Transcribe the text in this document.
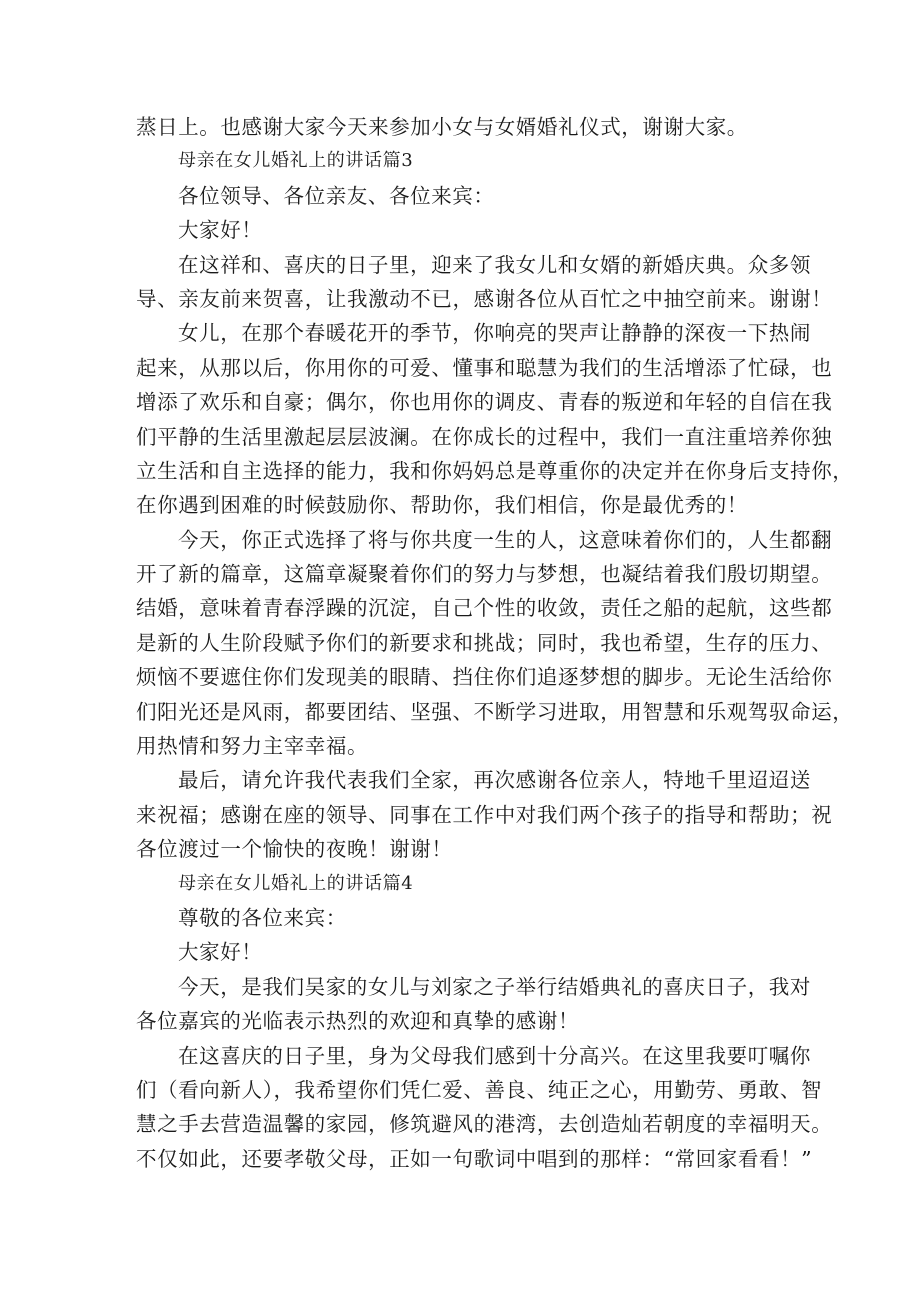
蒸日上。也感谢大家今天来参加小女与女婿婚礼仪式，谢谢大家。
母亲在女儿婚礼上的讲话篇3
各位领导、各位亲友、各位来宾：
大家好！
在这祥和、喜庆的日子里，迎来了我女儿和女婿的新婚庆典。众多领
导、亲友前来贺喜，让我激动不已，感谢各位从百忙之中抽空前来。谢谢！
女儿，在那个春暖花开的季节，你响亮的哭声让静静的深夜一下热闹
起来，从那以后，你用你的可爱、懂事和聪慧为我们的生活增添了忙碌，也
增添了欢乐和自豪；偶尔，你也用你的调皮、青春的叛逆和年轻的自信在我
们平静的生活里激起层层波澜。在你成长的过程中，我们一直注重培养你独
立生活和自主选择的能力，我和你妈妈总是尊重你的决定并在你身后支持你，
在你遇到困难的时候鼓励你、帮助你，我们相信，你是最优秀的！
今天，你正式选择了将与你共度一生的人，这意味着你们的，人生都翻
开了新的篇章，这篇章凝聚着你们的努力与梦想，也凝结着我们殷切期望。
结婚，意味着青春浮躁的沉淀，自己个性的收敛，责任之船的起航，这些都
是新的人生阶段赋予你们的新要求和挑战；同时，我也希望，生存的压力、
烦恼不要遮住你们发现美的眼睛、挡住你们追逐梦想的脚步。无论生活给你
们阳光还是风雨，都要团结、坚强、不断学习进取，用智慧和乐观驾驭命运，
用热情和努力主宰幸福。
最后，请允许我代表我们全家，再次感谢各位亲人，特地千里迢迢送
来祝福；感谢在座的领导、同事在工作中对我们两个孩子的指导和帮助；祝
各位渡过一个愉快的夜晚！谢谢！
母亲在女儿婚礼上的讲话篇4
尊敬的各位来宾：
大家好！
今天，是我们吴家的女儿与刘家之子举行结婚典礼的喜庆日子，我对
各位嘉宾的光临表示热烈的欢迎和真挚的感谢！
在这喜庆的日子里，身为父母我们感到十分高兴。在这里我要叮嘱你
们（看向新人），我希望你们凭仁爱、善良、纯正之心，用勤劳、勇敢、智
慧之手去营造温馨的家园，修筑避风的港湾，去创造灿若朝度的幸福明天。
不仅如此，还要孝敬父母，正如一句歌词中唱到的那样：“常回家看看！”
